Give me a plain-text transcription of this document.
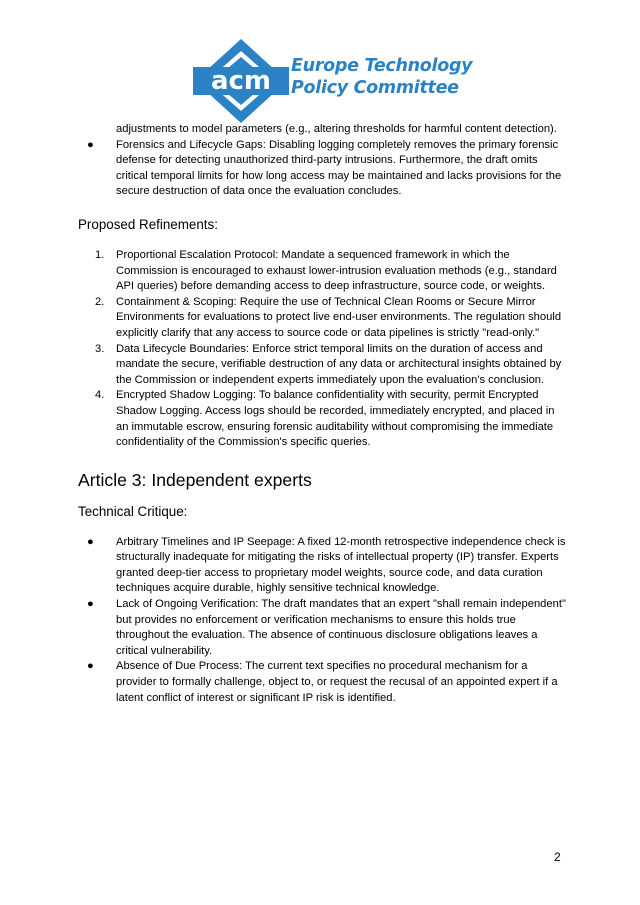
acm Europe Technology
Policy Committee

adjustments to model parameters (e.g., altering thresholds for harmful content detection).

● Forensics and Lifecycle Gaps: Disabling logging completely removes the primary forensic defense for detecting unauthorized third-party intrusions. Furthermore, the draft omits critical temporal limits for how long access may be maintained and lacks provisions for the secure destruction of data once the evaluation concludes.

Proposed Refinements:

1. Proportional Escalation Protocol: Mandate a sequenced framework in which the Commission is encouraged to exhaust lower-intrusion evaluation methods (e.g., standard API queries) before demanding access to deep infrastructure, source code, or weights.
2. Containment & Scoping: Require the use of Technical Clean Rooms or Secure Mirror Environments for evaluations to protect live end-user environments. The regulation should explicitly clarify that any access to source code or data pipelines is strictly "read-only."
3. Data Lifecycle Boundaries: Enforce strict temporal limits on the duration of access and mandate the secure, verifiable destruction of any data or architectural insights obtained by the Commission or independent experts immediately upon the evaluation's conclusion.
4. Encrypted Shadow Logging: To balance confidentiality with security, permit Encrypted Shadow Logging. Access logs should be recorded, immediately encrypted, and placed in an immutable escrow, ensuring forensic auditability without compromising the immediate confidentiality of the Commission's specific queries.

Article 3: Independent experts

Technical Critique:

● Arbitrary Timelines and IP Seepage: A fixed 12-month retrospective independence check is structurally inadequate for mitigating the risks of intellectual property (IP) transfer. Experts granted deep-tier access to proprietary model weights, source code, and data curation techniques acquire durable, highly sensitive technical knowledge.
● Lack of Ongoing Verification: The draft mandates that an expert "shall remain independent" but provides no enforcement or verification mechanisms to ensure this holds true throughout the evaluation. The absence of continuous disclosure obligations leaves a critical vulnerability.
● Absence of Due Process: The current text specifies no procedural mechanism for a provider to formally challenge, object to, or request the recusal of an appointed expert if a latent conflict of interest or significant IP risk is identified.
2
